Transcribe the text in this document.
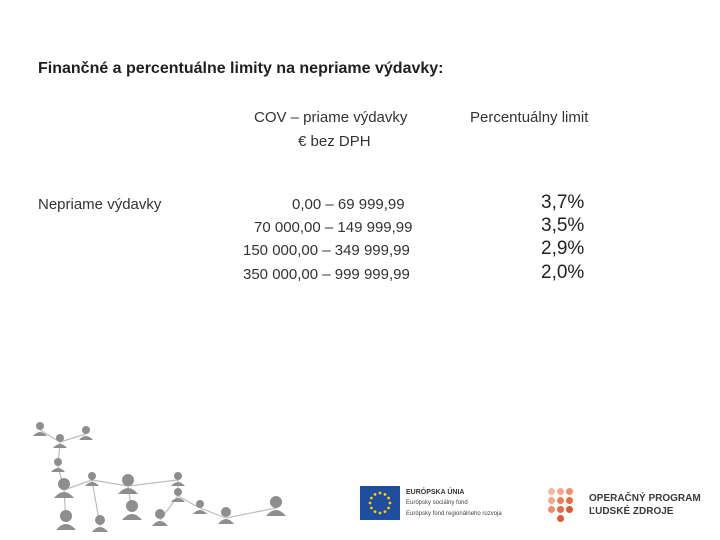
Finančné a percentuálne limity na nepriame výdavky:
COV – priame výdavky
€ bez DPH
Percentuálny limit
Nepriame výdavky	0,00 – 69 999,99
70 000,00 – 149 999,99
150 000,00 – 349 999,99
350 000,00 – 999 999,99
3,7%
3,5%
2,9%
2,0%
EURÓPSKA ÚNIA
Európsky sociálny fond
Európsky fond regionálneho rozvoja
OPERAČNÝ PROGRAM
ĽUDSKÉ ZDROJE
